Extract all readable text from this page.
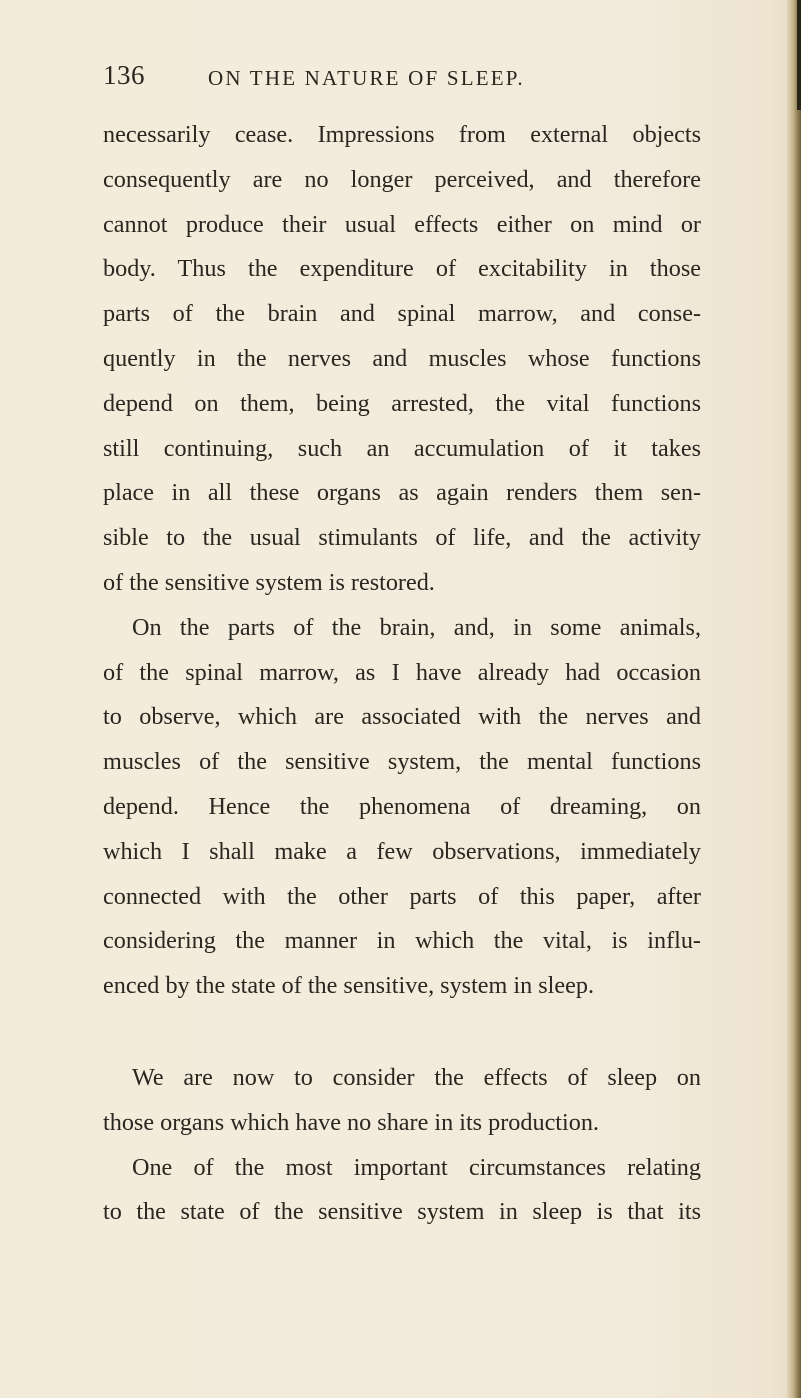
136	ON THE NATURE OF SLEEP.
necessarily cease. Impressions from external objects
consequently are no longer perceived, and therefore
cannot produce their usual effects either on mind or
body. Thus the expenditure of excitability in those
parts of the brain and spinal marrow, and conse-
quently in the nerves and muscles whose functions
depend on them, being arrested, the vital functions
still continuing, such an accumulation of it takes
place in all these organs as again renders them sen-
sible to the usual stimulants of life, and the activity
of the sensitive system is restored.
On the parts of the brain, and, in some animals,
of the spinal marrow, as I have already had occasion
to observe, which are associated with the nerves and
muscles of the sensitive system, the mental functions
depend. Hence the phenomena of dreaming, on
which I shall make a few observations, immediately
connected with the other parts of this paper, after
considering the manner in which the vital, is influ-
enced by the state of the sensitive, system in sleep.
We are now to consider the effects of sleep on
those organs which have no share in its production.
One of the most important circumstances relating
to the state of the sensitive system in sleep is that its
